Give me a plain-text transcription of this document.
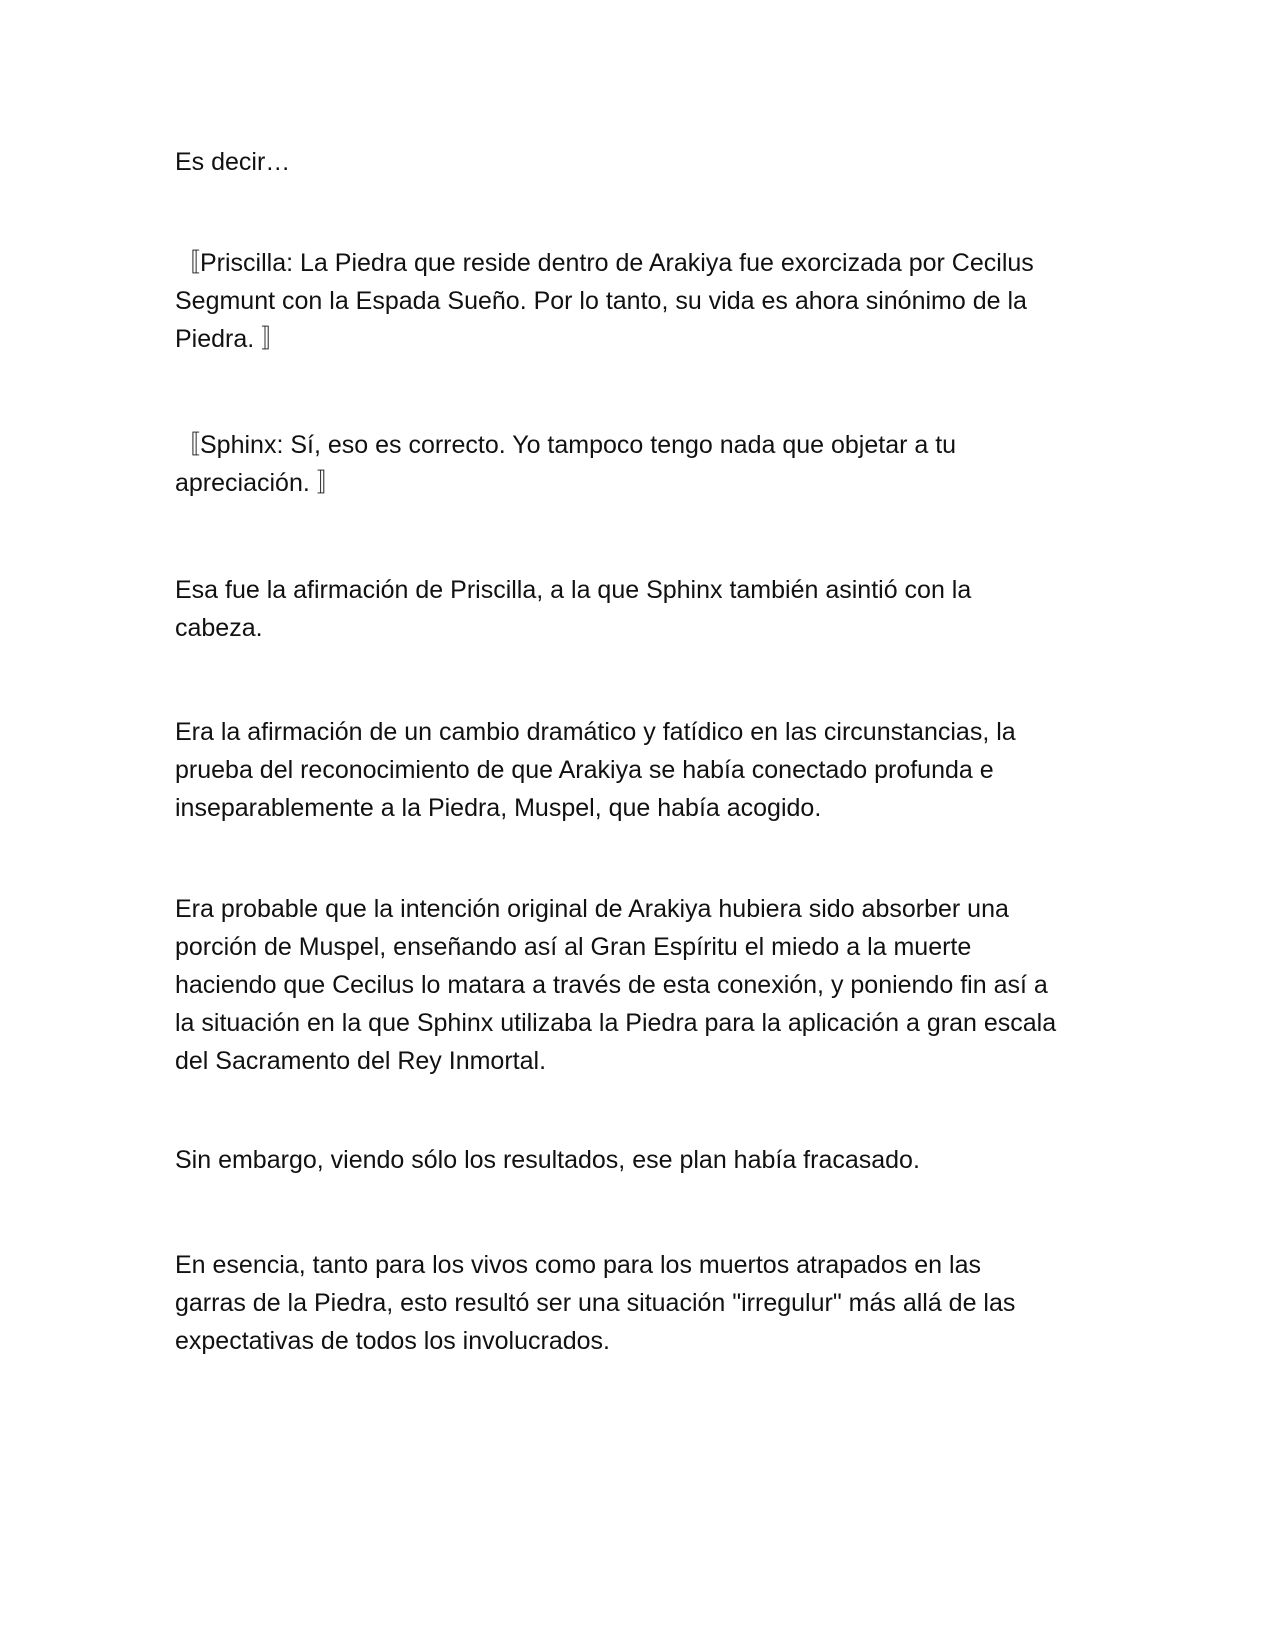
Es decir…

〚Priscilla: La Piedra que reside dentro de Arakiya fue exorcizada por Cecilus
Segmunt con la Espada Sueño. Por lo tanto, su vida es ahora sinónimo de la
Piedra. 〛

〚Sphinx: Sí, eso es correcto. Yo tampoco tengo nada que objetar a tu
apreciación. 〛

Esa fue la afirmación de Priscilla, a la que Sphinx también asintió con la
cabeza.

Era la afirmación de un cambio dramático y fatídico en las circunstancias, la
prueba del reconocimiento de que Arakiya se había conectado profunda e
inseparablemente a la Piedra, Muspel, que había acogido.

Era probable que la intención original de Arakiya hubiera sido absorber una
porción de Muspel, enseñando así al Gran Espíritu el miedo a la muerte
haciendo que Cecilus lo matara a través de esta conexión, y poniendo fin así a
la situación en la que Sphinx utilizaba la Piedra para la aplicación a gran escala
del Sacramento del Rey Inmortal.

Sin embargo, viendo sólo los resultados, ese plan había fracasado.

En esencia, tanto para los vivos como para los muertos atrapados en las
garras de la Piedra, esto resultó ser una situación "irregulur" más allá de las
expectativas de todos los involucrados.
